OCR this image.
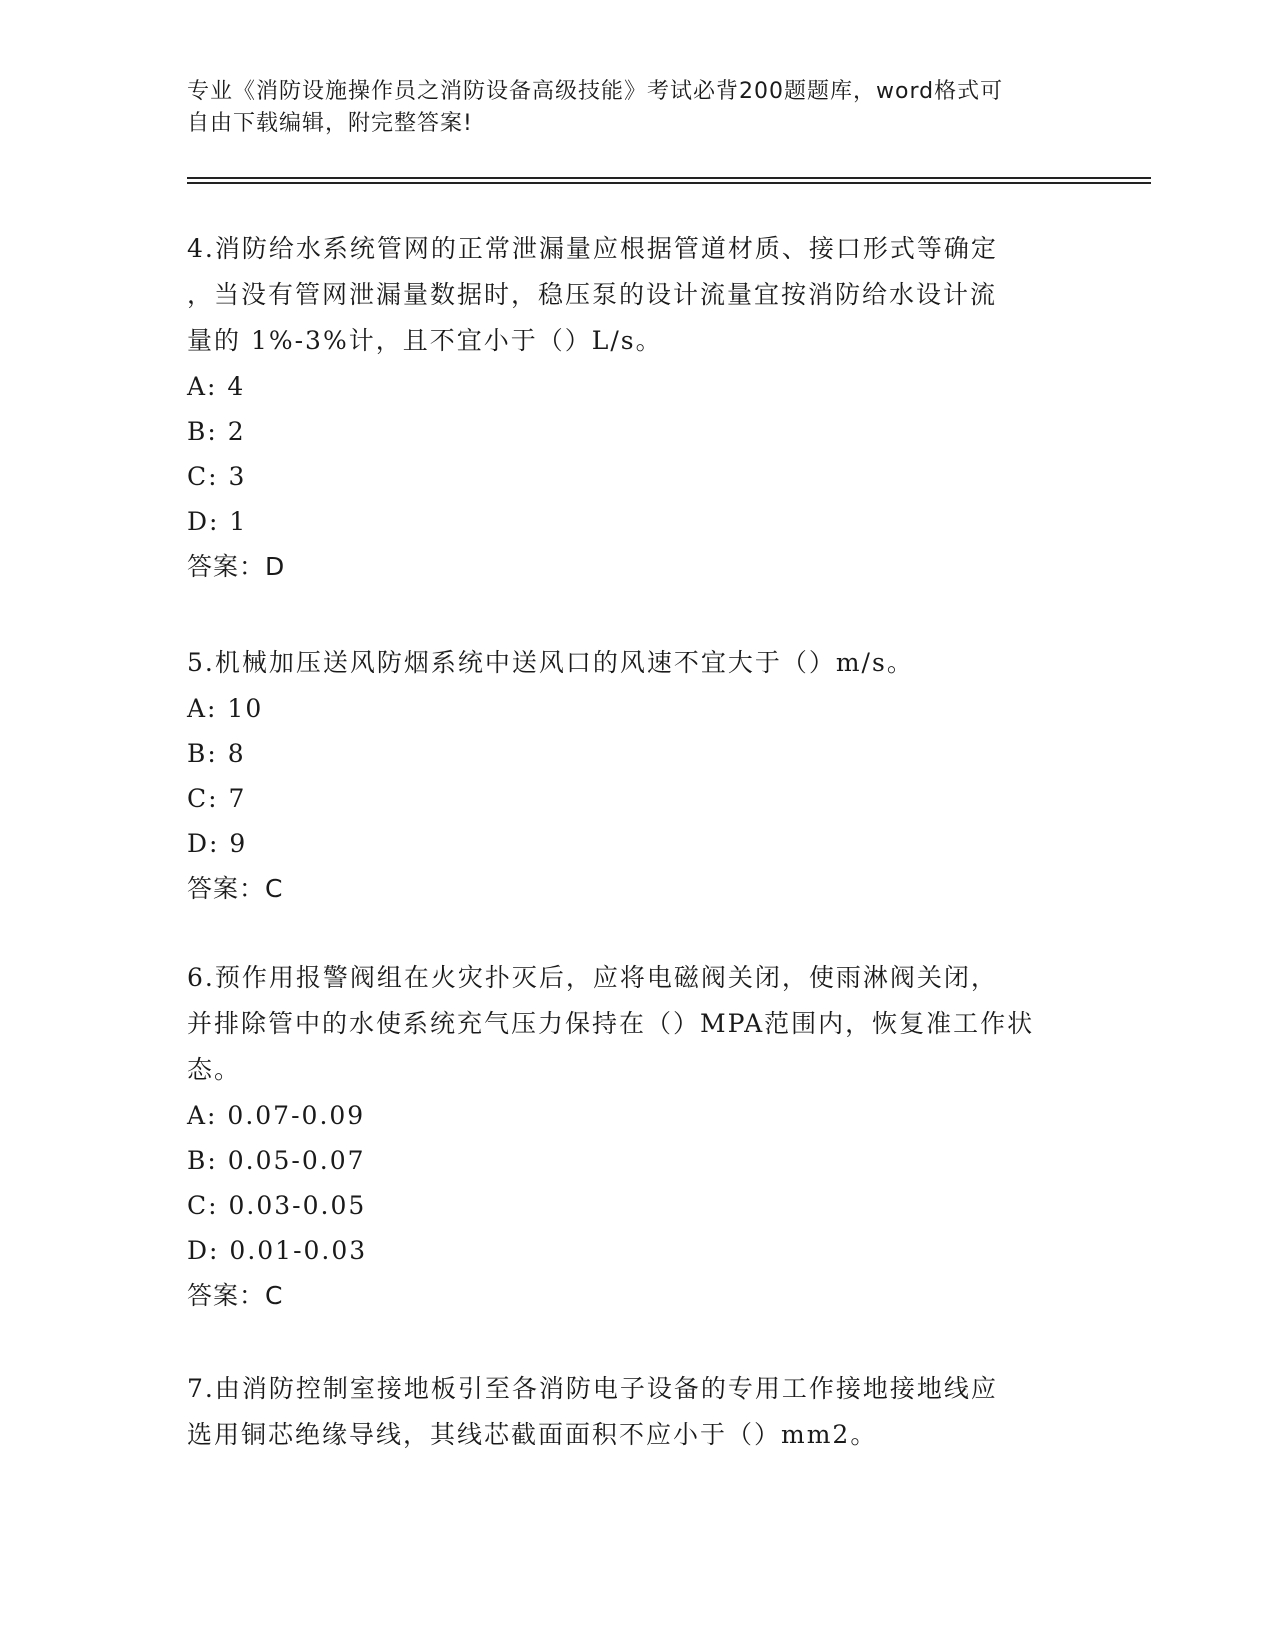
专业《消防设施操作员之消防设备高级技能》考试必背200题题库，word格式可
自由下载编辑，附完整答案!

4.消防给水系统管网的正常泄漏量应根据管道材质、接口形式等确定

，当没有管网泄漏量数据时，稳压泵的设计流量宜按消防给水设计流

量的 1%-3%计，且不宜小于（）L/s。

A: 4

B: 2

C: 3

D: 1

答案：D

5.机械加压送风防烟系统中送风口的风速不宜大于（）m/s。

A: 10

B: 8

C: 7

D: 9

答案：C

6.预作用报警阀组在火灾扑灭后，应将电磁阀关闭，使雨淋阀关闭，

并排除管中的水使系统充气压力保持在（）MPA范围内，恢复准工作状

态。

A: 0.07-0.09

B: 0.05-0.07

C: 0.03-0.05

D: 0.01-0.03

答案：C

7.由消防控制室接地板引至各消防电子设备的专用工作接地接地线应

选用铜芯绝缘导线，其线芯截面面积不应小于（）mm2。
